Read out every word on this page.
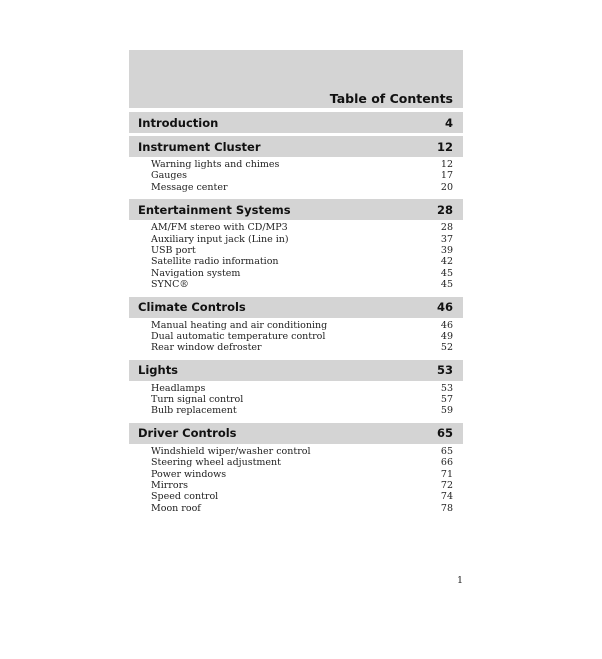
Table of Contents
Introduction	4
Instrument Cluster	12
Warning lights and chimes	12
Gauges	17
Message center	20
Entertainment Systems	28
AM/FM stereo with CD/MP3	28
Auxiliary input jack (Line in)	37
USB port	39
Satellite radio information	42
Navigation system	45
SYNC®	45
Climate Controls	46
Manual heating and air conditioning	46
Dual automatic temperature control	49
Rear window defroster	52
Lights	53
Headlamps	53
Turn signal control	57
Bulb replacement	59
Driver Controls	65
Windshield wiper/washer control	65
Steering wheel adjustment	66
Power windows	71
Mirrors	72
Speed control	74
Moon roof	78
1
